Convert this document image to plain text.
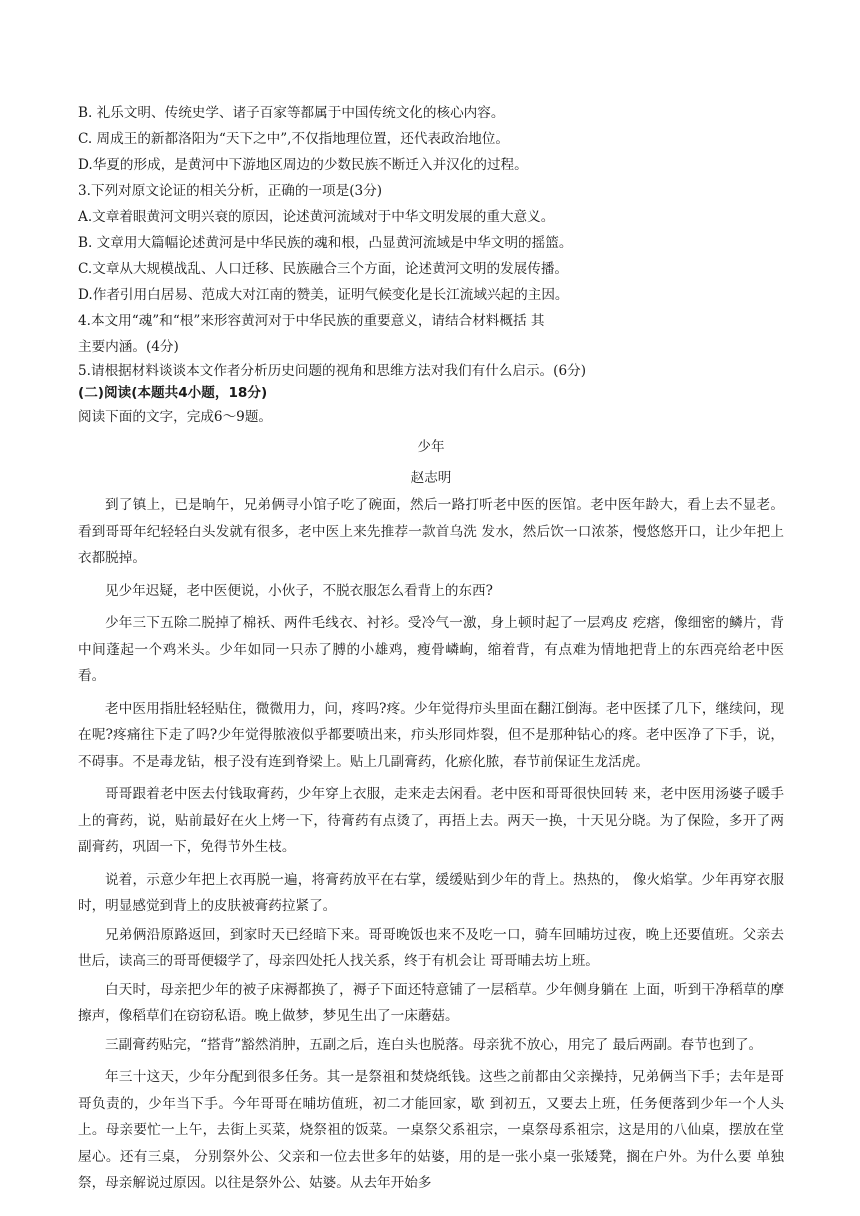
B. 礼乐文明、传统史学、诸子百家等都属于中国传统文化的核心内容。

C. 周成王的新都洛阳为“天下之中”,不仅指地理位置，还代表政治地位。

D.华夏的形成，是黄河中下游地区周边的少数民族不断迁入并汉化的过程。

3.下列对原文论证的相关分析，正确的一项是(3分)

A.文章着眼黄河文明兴衰的原因，论述黄河流域对于中华文明发展的重大意义。

B. 文章用大篇幅论述黄河是中华民族的魂和根，凸显黄河流域是中华文明的摇篮。

C.文章从大规模战乱、人口迁移、民族融合三个方面，论述黄河文明的发展传播。

D.作者引用白居易、范成大对江南的赞美，证明气候变化是长江流域兴起的主因。

4.本文用“魂”和“根”来形容黄河对于中华民族的重要意义，请结合材料概括 其

主要内涵。(4分)

5.请根据材料谈谈本文作者分析历史问题的视角和思维方法对我们有什么启示。(6分)

(二)阅读(本题共4小题，18分)

阅读下面的文字，完成6～9题。

少年

赵志明

到了镇上，已是晌午，兄弟俩寻小馆子吃了碗面，然后一路打听老中医的医馆。老中医年龄大，看上去不显老。看到哥哥年纪轻轻白头发就有很多，老中医上来先推荐一款首乌洗 发水，然后饮一口浓茶，慢悠悠开口，让少年把上衣都脱掉。

见少年迟疑，老中医便说，小伙子，不脱衣服怎么看背上的东西?

少年三下五除二脱掉了棉袄、两件毛线衣、衬衫。受冷气一激，身上顿时起了一层鸡皮 疙瘩，像细密的鳞片，背中间蓬起一个鸡米头。少年如同一只赤了膊的小雄鸡，瘦骨嶙峋，缩着背，有点难为情地把背上的东西亮给老中医看。

老中医用指肚轻轻贴住，微微用力，问，疼吗?疼。少年觉得疖头里面在翻江倒海。老中医揉了几下，继续问，现在呢?疼痛往下走了吗?少年觉得脓液似乎都要喷出来，疖头形同炸裂，但不是那种钻心的疼。老中医净了下手，说，不碍事。不是毒龙钻，根子没有连到脊梁上。贴上几副膏药，化瘀化脓，春节前保证生龙活虎。

哥哥跟着老中医去付钱取膏药，少年穿上衣服，走来走去闲看。老中医和哥哥很快回转 来，老中医用汤婆子暖手上的膏药，说，贴前最好在火上烤一下，待膏药有点烫了，再捂上去。两天一换，十天见分晓。为了保险，多开了两副膏药，巩固一下，免得节外生枝。

说着，示意少年把上衣再脱一遍，将膏药放平在右掌，缓缓贴到少年的背上。热热的， 像火焰掌。少年再穿衣服时，明显感觉到背上的皮肤被膏药拉紧了。

兄弟俩沿原路返回，到家时天已经暗下来。哥哥晚饭也来不及吃一口，骑车回晡坊过夜，晚上还要值班。父亲去世后，读高三的哥哥便辍学了，母亲四处托人找关系，终于有机会让 哥哥晡去坊上班。

白天时，母亲把少年的被子床褥都换了，褥子下面还特意铺了一层稻草。少年侧身躺在 上面，听到干净稻草的摩擦声，像稻草们在窃窃私语。晚上做梦，梦见生出了一床蘑菇。

三副膏药贴完，“搭背”豁然消肿，五副之后，连白头也脱落。母亲犹不放心，用完了 最后两副。春节也到了。

年三十这天，少年分配到很多任务。其一是祭祖和焚烧纸钱。这些之前都由父亲操持，兄弟俩当下手；去年是哥哥负责的，少年当下手。今年哥哥在晡坊值班，初二才能回家，歇 到初五，又要去上班，任务便落到少年一个人头上。母亲要忙一上午，去街上买菜，烧祭祖的饭菜。一桌祭父系祖宗，一桌祭母系祖宗，这是用的八仙桌，摆放在堂屋心。还有三桌， 分别祭外公、父亲和一位去世多年的姑婆，用的是一张小桌一张矮凳，搁在户外。为什么要 单独祭，母亲解说过原因。以往是祭外公、姑婆。从去年开始多
